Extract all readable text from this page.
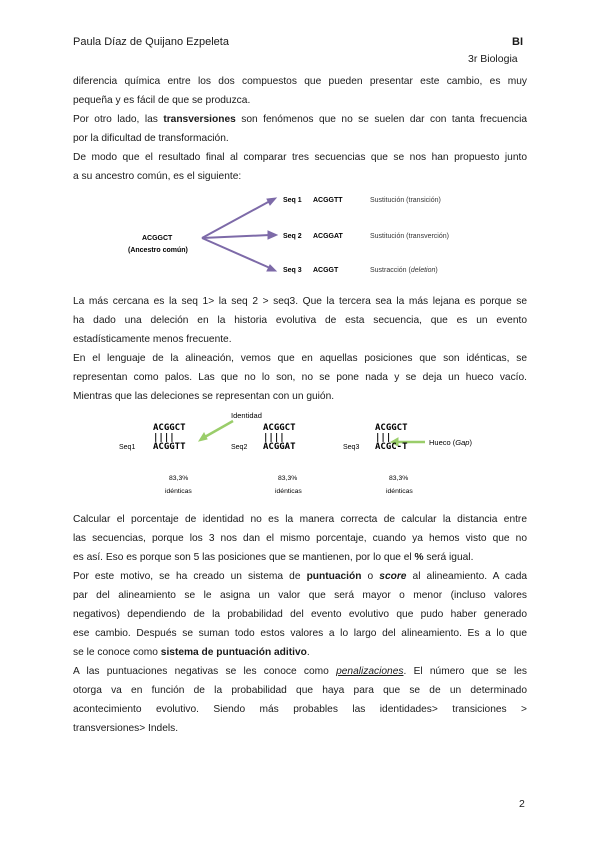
Paula Díaz de Quijano Ezpeleta	BI
3r Biologia

diferencia química entre los dos compuestos que pueden presentar este cambio, es muy

pequeña y es fácil de que se produzca.

Por otro lado, las transversiones son fenómenos que no se suelen dar con tanta frecuencia

por la dificultad de transformación.

De modo que el resultado final al comparar tres secuencias que se nos han propuesto junto

a su ancestro común, es el siguiente:

ACGGCT
(Ancestro común)
Seq 1 ACGGTT	Sustitución (transición)
Seq 2 ACGGAT	Sustitución (transverción)
Seq 3 ACGGT	Sustracción (deletion)

La más cercana es la seq 1> la seq 2 > seq3. Que la tercera sea la más lejana es porque se

ha dado una deleción en la historia evolutiva de esta secuencia, que es un evento

estadísticamente menos frecuente.

En el lenguaje de la alineación, vemos que en aquellas posiciones que son idénticas, se

representan como palos. Las que no lo son, no se pone nada y se deja un hueco vacío.

Mientras que las deleciones se representan con un guión.

Identidad
Hueco (Gap)
ACGGCT
||||
Seq1 ACGGTT
83,3%
idénticas
ACGGCT
||||
Seq2 ACGGAT
83,3%
idénticas
ACGGCT
|||
Seq3 ACGC-T
83,3%
idénticas

Calcular el porcentaje de identidad no es la manera correcta de calcular la distancia entre

las secuencias, porque los 3 nos dan el mismo porcentaje, cuando ya hemos visto que no

es así. Eso es porque son 5 las posiciones que se mantienen, por lo que el % será igual.

Por este motivo, se ha creado un sistema de puntuación o score al alineamiento. A cada

par del alineamiento se le asigna un valor que será mayor o menor (incluso valores

negativos) dependiendo de la probabilidad del evento evolutivo que pudo haber generado

ese cambio. Después se suman todo estos valores a lo largo del alineamiento. Es a lo que

se le conoce como sistema de puntuación aditivo.

A las puntuaciones negativas se les conoce como penalizaciones. El número que se les

otorga va en función de la probabilidad que haya para que se de un determinado

acontecimiento evolutivo. Siendo más probables las identidades> transiciones >

transversiones> Indels.

2
